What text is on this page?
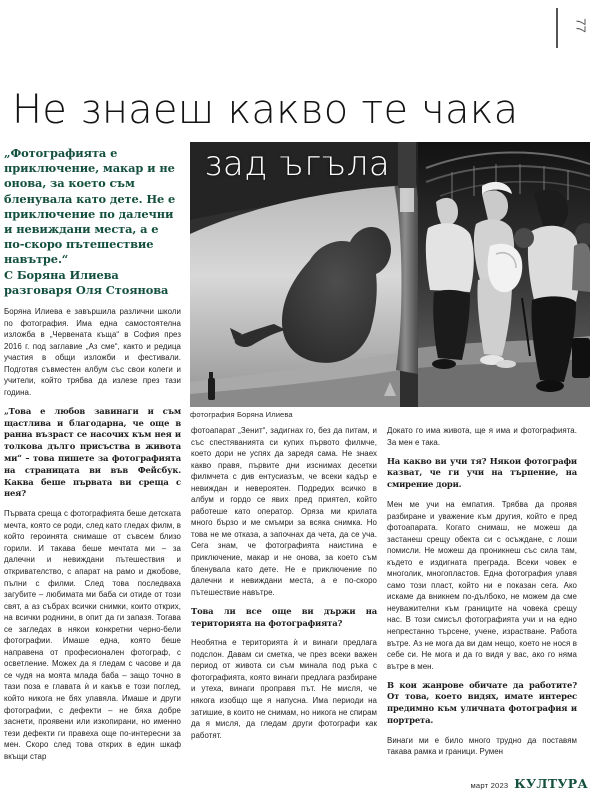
77
Не знаеш какво те чака
„Фотографията е приключение, макар и не онова, за което съм бленувала като дете. Не е приключение по далечни и невиждани места, а е по-скоро пътешествие навътре.“
С Боряна Илиева разговаря Оля Стоянова
зад ъгъла
фотография Боряна Илиева

Боряна Илиева е завършила различни школи по фотография. Има една самостоятелна изложба в „Червената къща“ в София през 2016 г. под заглавие „Аз сме“, както и редица участия в общи изложби и фестивали. Подготвя съвместен албум със свои колеги и учители, който трябва да излезе през тази година.

„Това е любов завинаги и съм щастлива и благодарна, че още в ранна възраст се насочих към нея и толкова дълго присъства в живота ми“ – това пишете за фотографията на страницата ви във Фейсбук. Каква беше първата ви среща с нея?

Първата среща с фотографията беше детската мечта, която се роди, след като гледах филм, в който героинята снимаше от съвсем близо горили. И такава беше мечтата ми – за далечни и невиждани пътешествия и откривателство, с апарат на рамо и джобове, пълни с филми. След това последваха загубите – любимата ми баба си отиде от този свят, а аз събрах всички снимки, които открих, на всички роднини, в опит да ги запазя. Тогава се загледах в някои конкретни черно-бели фотографии. Имаше една, която беше направена от професионален фотограф, с осветление. Можех да я гледам с часове и да се чудя на моята млада баба – защо точно в тази поза е главата ѝ и какъв е този поглед, който никога не бях улавяла. Имаше и други фотографии, с дефекти – не бяха добре заснети, проявени или изкопирани, но именно тези дефекти ги правеха още по-интересни за мен. Скоро след това открих в един шкаф вкъщи стар

фотоапарат „Зенит“, задигнах го, без да питам, и със спестяванията си купих първото филмче, което дори не успях да заредя сама. Не знаех какво правя, първите дни изснимах десетки филмчета с див ентусиазъм, че всеки кадър е невиждан и невероятен. Подредих всичко в албум и гордо се явих пред приятел, който работеше като оператор. Оряза ми крилата много бързо и ме смъмри за всяка снимка. Но това не ме отказа, а започнах да чета, да се уча. Сега знам, че фотографията наистина е приключение, макар и не онова, за което съм бленувала като дете. Не е приключение по далечни и невиждани места, а е по-скоро пътешествие навътре.

Това ли все още ви държи на територията на фотографията?

Необятна е територията ѝ и винаги предлага подслон. Давам си сметка, че през всеки важен период от живота си съм минала под ръка с фотографията, която винаги предлага разбиране и утеха, винаги проправя път. Не мисля, че някога изобщо ще я напусна. Има периоди на затишие, в които не снимам, но никога не спирам да я мисля, да гледам други фотографи как работят.

Докато го има живота, ще я има и фотографията. За мен е така.

На какво ви учи тя? Някои фотографи казват, че ги учи на търпение, на смирение дори.

Мен ме учи на емпатия. Трябва да проявя разбиране и уважение към другия, който е пред фотоапарата. Когато снимаш, не можеш да застанеш срещу обекта си с осъждане, с лоши помисли. Не можеш да проникнеш със сила там, където е издигната преграда. Всеки човек е многолик, многопластов. Една фотография улавя само този пласт, който ни е показан сега. Ако искаме да вникнем по-дълбоко, не можем да сме неуважителни към границите на човека срещу нас. В този смисъл фотографията учи и на едно непрестанно търсене, учене, израстване. Работа вътре. Аз не мога да ви дам нещо, което не нося в себе си. Не мога и да го видя у вас, ако го няма вътре в мен.

В кои жанрове обичате да работите? От това, което видях, имате интерес предимно към уличната фотография и портрета.

Винаги ми е било много трудно да поставям такава рамка и граници. Румен

март 2023 КУЛТУРА
